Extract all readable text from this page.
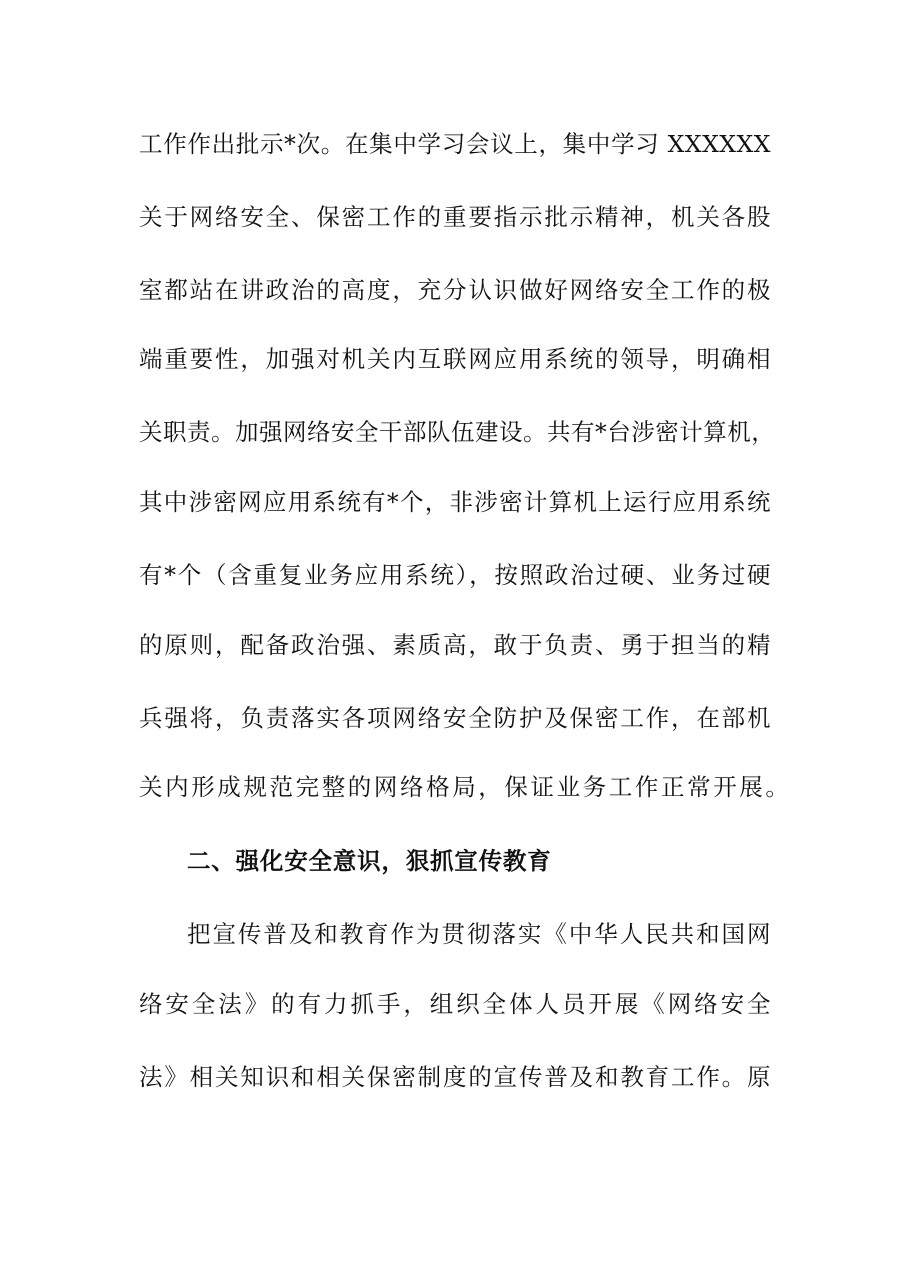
工作作出批示*次。在集中学习会议上，集中学习 XXXXXX
关于网络安全、保密工作的重要指示批示精神，机关各股
室都站在讲政治的高度，充分认识做好网络安全工作的极
端重要性，加强对机关内互联网应用系统的领导，明确相
关职责。加强网络安全干部队伍建设。共有*台涉密计算机，
其中涉密网应用系统有*个，非涉密计算机上运行应用系统
有*个（含重复业务应用系统），按照政治过硬、业务过硬
的原则，配备政治强、素质高，敢于负责、勇于担当的精
兵强将，负责落实各项网络安全防护及保密工作，在部机
关内形成规范完整的网络格局，保证业务工作正常开展。
二、强化安全意识，狠抓宣传教育
把宣传普及和教育作为贯彻落实《中华人民共和国网
络安全法》的有力抓手，组织全体人员开展《网络安全
法》相关知识和相关保密制度的宣传普及和教育工作。原
